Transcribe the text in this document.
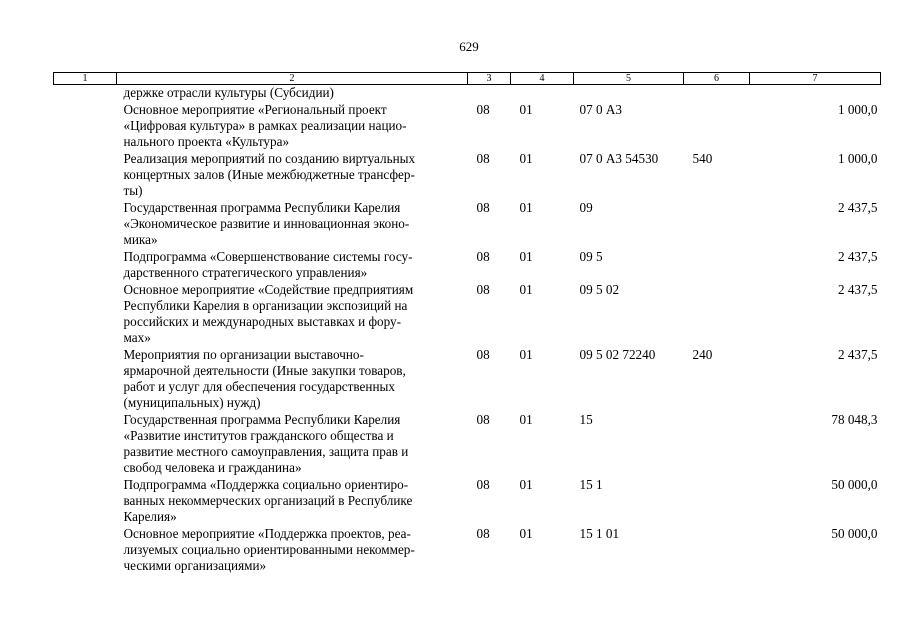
629
1	2	3	4	5	6	7

	держке отрасли культуры (Субсидии)					

	Основное мероприятие «Региональный проект
«Цифровая культура» в рамках реализации нацио-
нального проекта «Культура»	08	01	07 0 А3		1 000,0

	Реализация мероприятий по созданию виртуальных
концертных залов (Иные межбюджетные трансфер-
ты)	08	01	07 0 А3 54530	540	1 000,0

	Государственная программа Республики Карелия
«Экономическое развитие и инновационная эконо-
мика»	08	01	09		2 437,5

	Подпрограмма «Совершенствование системы госу-
дарственного стратегического управления»	08	01	09 5		2 437,5

	Основное мероприятие «Содействие предприятиям
Республики Карелия в организации экспозиций на
российских и международных выставках и фору-
мах»	08	01	09 5 02		2 437,5

	Мероприятия по организации выставочно-
ярмарочной деятельности (Иные закупки товаров,
работ и услуг для обеспечения государственных
(муниципальных) нужд)	08	01	09 5 02 72240	240	2 437,5

	Государственная программа Республики Карелия
«Развитие институтов гражданского общества и
развитие местного самоуправления, защита прав и
свобод человека и гражданина»	08	01	15		78 048,3

	Подпрограмма «Поддержка социально ориентиро-
ванных некоммерческих организаций в Республике
Карелия»	08	01	15 1		50 000,0

	Основное мероприятие «Поддержка проектов, реа-
лизуемых социально ориентированными некоммер-
ческими организациями»	08	01	15 1 01		50 000,0
